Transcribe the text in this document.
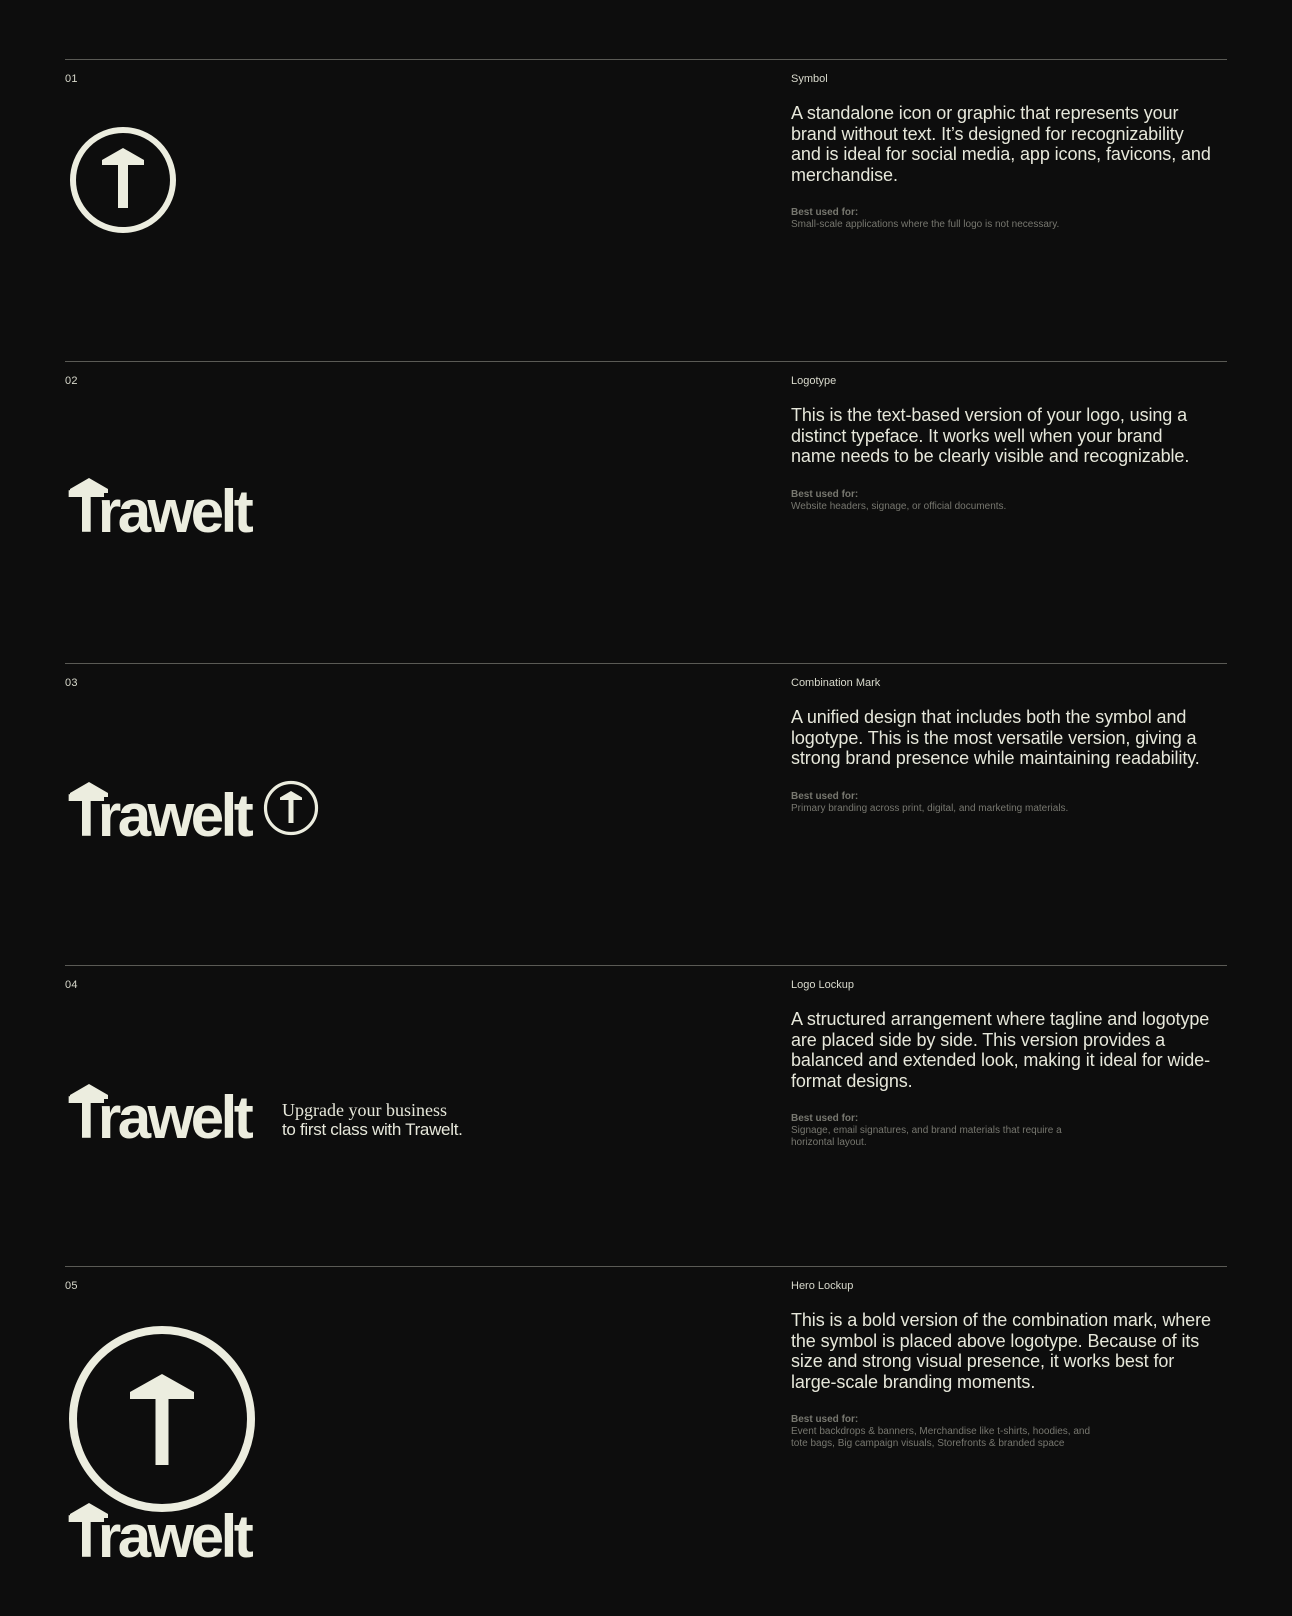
01	Symbol
A standalone icon or graphic that represents your brand without text. It’s designed for recognizability and is ideal for social media, app icons, favicons, and merchandise.
Best used for:
Small-scale applications where the full logo is not necessary.
02
Trawelt
Logotype
This is the text-based version of your logo, using a distinct typeface. It works well when your brand name needs to be clearly visible and recognizable.
Best used for:
Website headers, signage, or official documents.
03
Trawelt
Combination Mark
A unified design that includes both the symbol and logotype. This is the most versatile version, giving a strong brand presence while maintaining readability.
Best used for:
Primary branding across print, digital, and marketing materials.
04
Trawelt Upgrade your business
to first class with Trawelt.
Logo Lockup
A structured arrangement where tagline and logotype are placed side by side. This version provides a balanced and extended look, making it ideal for wide-format designs.
Best used for:
Signage, email signatures, and brand materials that require a horizontal layout.
05
Trawelt
Hero Lockup
This is a bold version of the combination mark, where the symbol is placed above logotype. Because of its size and strong visual presence, it works best for large-scale branding moments.
Best used for:
Event backdrops & banners, Merchandise like t-shirts, hoodies, and tote bags, Big campaign visuals, Storefronts & branded space
